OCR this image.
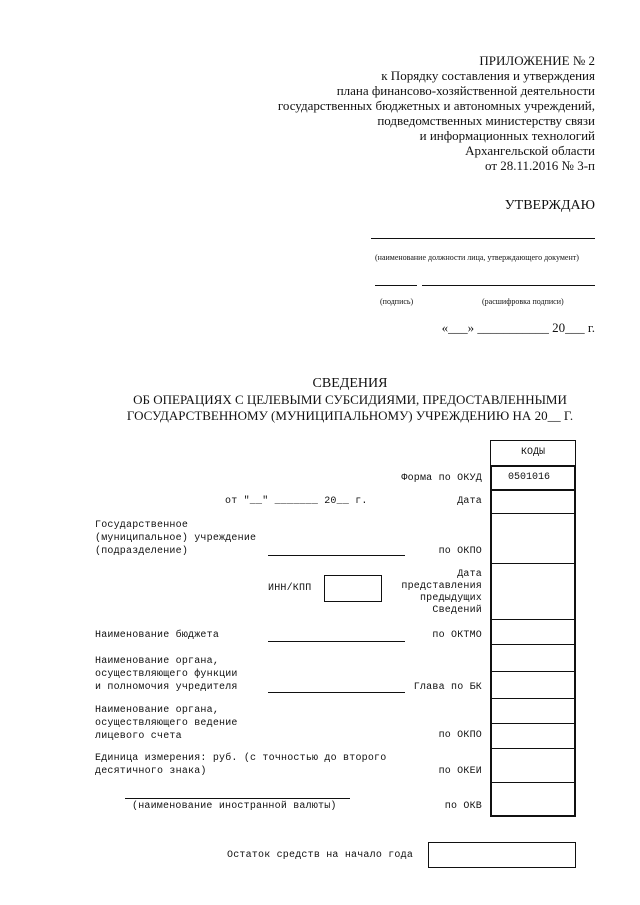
ПРИЛОЖЕНИЕ № 2
к Порядку составления и утверждения
плана финансово-хозяйственной деятельности
государственных бюджетных и автономных учреждений,
подведомственных министерству связи
и информационных технологий
Архангельской области
от 28.11.2016 № 3-п
УТВЕРЖДАЮ
(наименование должности лица, утверждающего документ)
(подпись)	(расшифровка подписи)
«___» ___________ 20___ г.
СВЕДЕНИЯ
ОБ ОПЕРАЦИЯХ С ЦЕЛЕВЫМИ СУБСИДИЯМИ, ПРЕДОСТАВЛЕННЫМИ
ГОСУДАРСТВЕННОМУ (МУНИЦИПАЛЬНОМУ) УЧРЕЖДЕНИЮ НА 20__ Г.
КОДЫ
0501016
Форма по ОКУД
от "__" _______ 20__ г.	Дата
Государственное
(муниципальное) учреждение
(подразделение)	по ОКПО
ИНН/КПП
Дата
представления
предыдущих
Сведений
Наименование бюджета	по ОКТМО
Наименование органа,
осуществляющего функции
и полномочия учредителя	Глава по БК
Наименование органа,
осуществляющего ведение
лицевого счета	по ОКПО
Единица измерения: руб. (с точностью до второго
десятичного знака)	по ОКЕИ
(наименование иностранной валюты)	по ОКВ
Остаток средств на начало года
